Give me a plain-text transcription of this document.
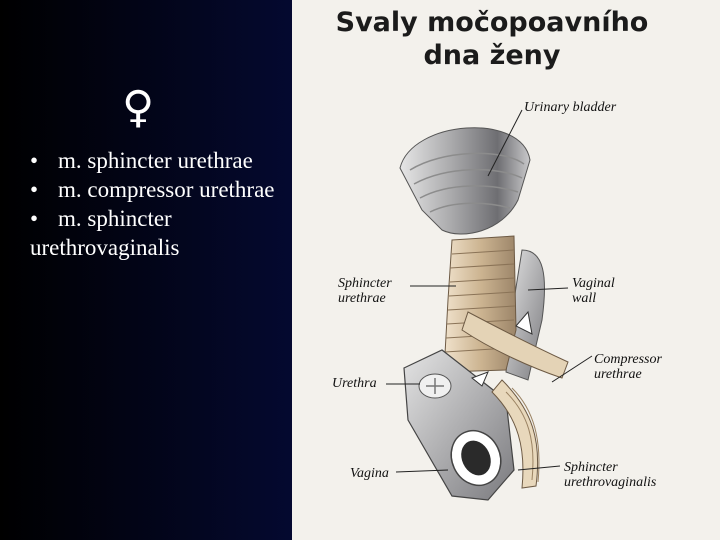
♀
• m. sphincter urethrae
• m. compressor urethrae
• m. sphincter
urethrovaginalis
Svaly močopoavního
dna ženy
Urinary bladder
Sphincter
urethrae
Vaginal
wall
Compressor
urethrae
Urethra
Vagina	Sphincter
urethrovaginalis
